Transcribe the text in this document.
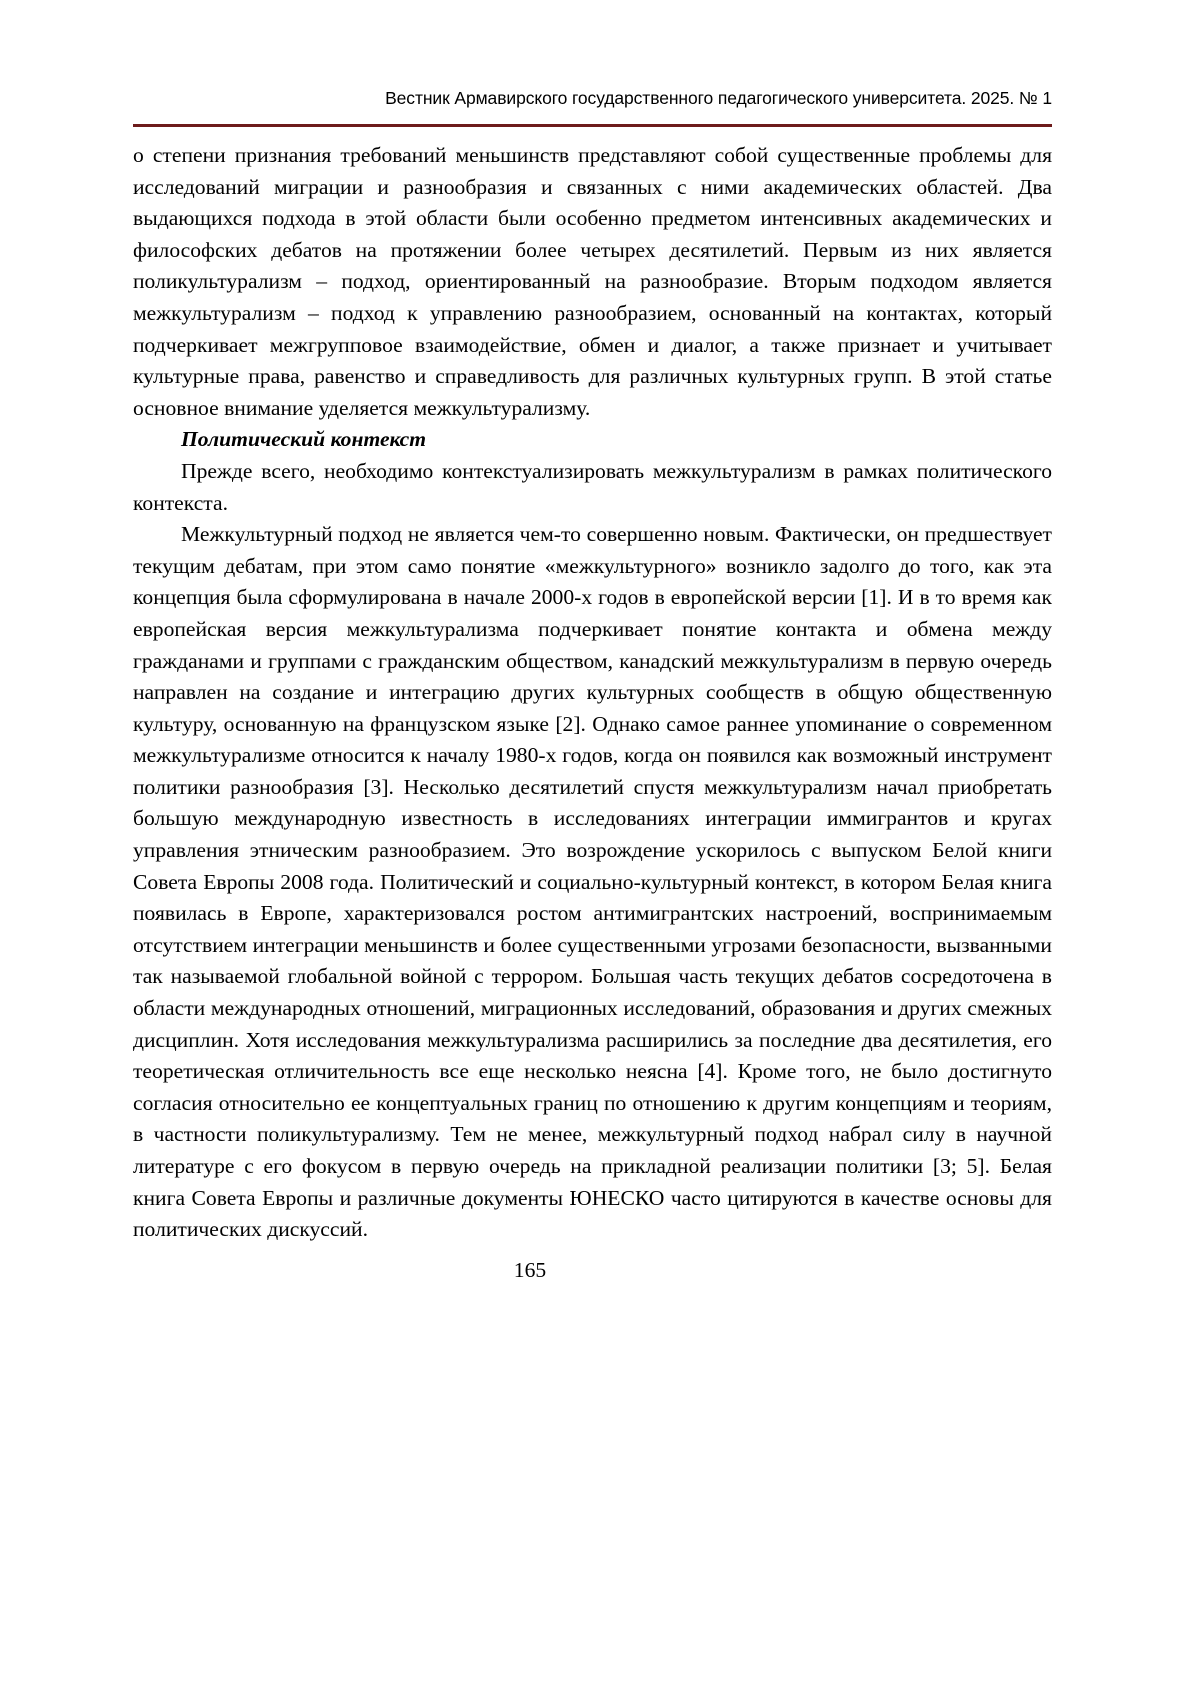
Вестник Армавирского государственного педагогического университета. 2025. № 1

о степени признания требований меньшинств представляют собой существенные проблемы для исследований миграции и разнообразия и связанных с ними академических областей. Два выдающихся подхода в этой области были особенно предметом интенсивных академических и философских дебатов на протяжении более четырех десятилетий. Первым из них является поликультурализм – подход, ориентированный на разнообразие. Вторым подходом является межкультурализм – подход к управлению разнообразием, основанный на контактах, который подчеркивает межгрупповое взаимодействие, обмен и диалог, а также признает и учитывает культурные права, равенство и справедливость для различных культурных групп. В этой статье основное внимание уделяется межкультурализму.

Политический контекст

Прежде всего, необходимо контекстуализировать межкультурализм в рамках политического контекста.

Межкультурный подход не является чем-то совершенно новым. Фактически, он предшествует текущим дебатам, при этом само понятие «межкультурного» возникло задолго до того, как эта концепция была сформулирована в начале 2000-х годов в европейской версии [1]. И в то время как европейская версия межкультурализма подчеркивает понятие контакта и обмена между гражданами и группами с гражданским обществом, канадский межкультурализм в первую очередь направлен на создание и интеграцию других культурных сообществ в общую общественную культуру, основанную на французском языке [2]. Однако самое раннее упоминание о современном межкультурализме относится к началу 1980-х годов, когда он появился как возможный инструмент политики разнообразия [3]. Несколько десятилетий спустя межкультурализм начал приобретать большую международную известность в исследованиях интеграции иммигрантов и кругах управления этническим разнообразием. Это возрождение ускорилось с выпуском Белой книги Совета Европы 2008 года. Политический и социально-культурный контекст, в котором Белая книга появилась в Европе, характеризовался ростом антимигрантских настроений, воспринимаемым отсутствием интеграции меньшинств и более существенными угрозами безопасности, вызванными так называемой глобальной войной с террором. Большая часть текущих дебатов сосредоточена в области международных отношений, миграционных исследований, образования и других смежных дисциплин. Хотя исследования межкультурализма расширились за последние два десятилетия, его теоретическая отличительность все еще несколько неясна [4]. Кроме того, не было достигнуто согласия относительно ее концептуальных границ по отношению к другим концепциям и теориям, в частности поликультурализму. Тем не менее, межкультурный подход набрал силу в научной литературе с его фокусом в первую очередь на прикладной реализации политики [3; 5]. Белая книга Совета Европы и различные документы ЮНЕСКО часто цитируются в качестве основы для политических дискуссий.

165
